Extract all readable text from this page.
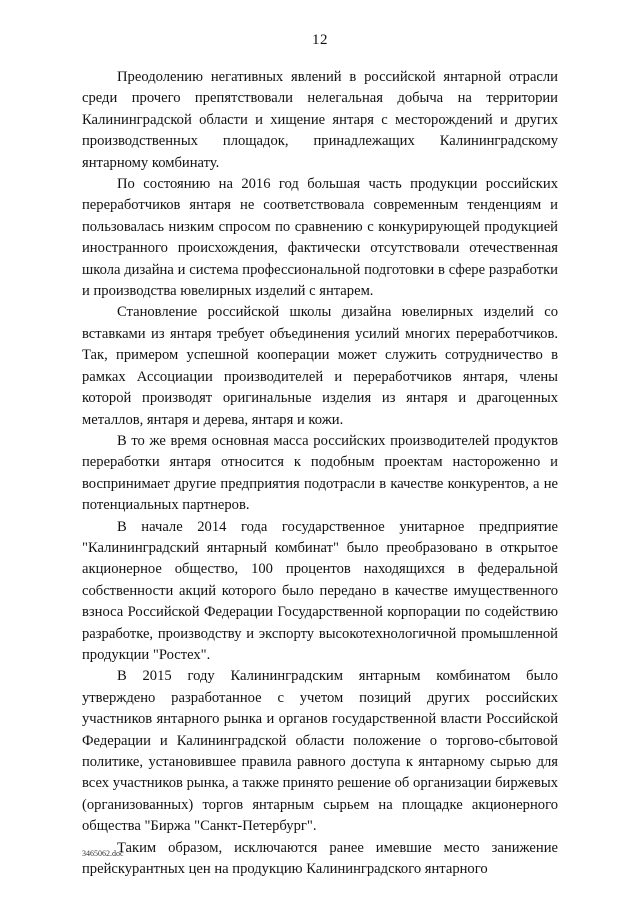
12

Преодолению негативных явлений в российской янтарной отрасли среди прочего препятствовали нелегальная добыча на территории Калининградской области и хищение янтаря с месторождений и других производственных площадок, принадлежащих Калининградскому янтарному комбинату.

По состоянию на 2016 год большая часть продукции российских переработчиков янтаря не соответствовала современным тенденциям и пользовалась низким спросом по сравнению с конкурирующей продукцией иностранного происхождения, фактически отсутствовали отечественная школа дизайна и система профессиональной подготовки в сфере разработки и производства ювелирных изделий с янтарем.

Становление российской школы дизайна ювелирных изделий со вставками из янтаря требует объединения усилий многих переработчиков. Так, примером успешной кооперации может служить сотрудничество в рамках Ассоциации производителей и переработчиков янтаря, члены которой производят оригинальные изделия из янтаря и драгоценных металлов, янтаря и дерева, янтаря и кожи.

В то же время основная масса российских производителей продуктов переработки янтаря относится к подобным проектам настороженно и воспринимает другие предприятия подотрасли в качестве конкурентов, а не потенциальных партнеров.

В начале 2014 года государственное унитарное предприятие "Калининградский янтарный комбинат" было преобразовано в открытое акционерное общество, 100 процентов находящихся в федеральной собственности акций которого было передано в качестве имущественного взноса Российской Федерации Государственной корпорации по содействию разработке, производству и экспорту высокотехнологичной промышленной продукции "Ростех".

В 2015 году Калининградским янтарным комбинатом было утверждено разработанное с учетом позиций других российских участников янтарного рынка и органов государственной власти Российской Федерации и Калининградской области положение о торгово-сбытовой политике, установившее правила равного доступа к янтарному сырью для всех участников рынка, а также принято решение об организации биржевых (организованных) торгов янтарным сырьем на площадке акционерного общества "Биржа "Санкт-Петербург".

Таким образом, исключаются ранее имевшие место занижение прейскурантных цен на продукцию Калининградского янтарного

3465062.doc
